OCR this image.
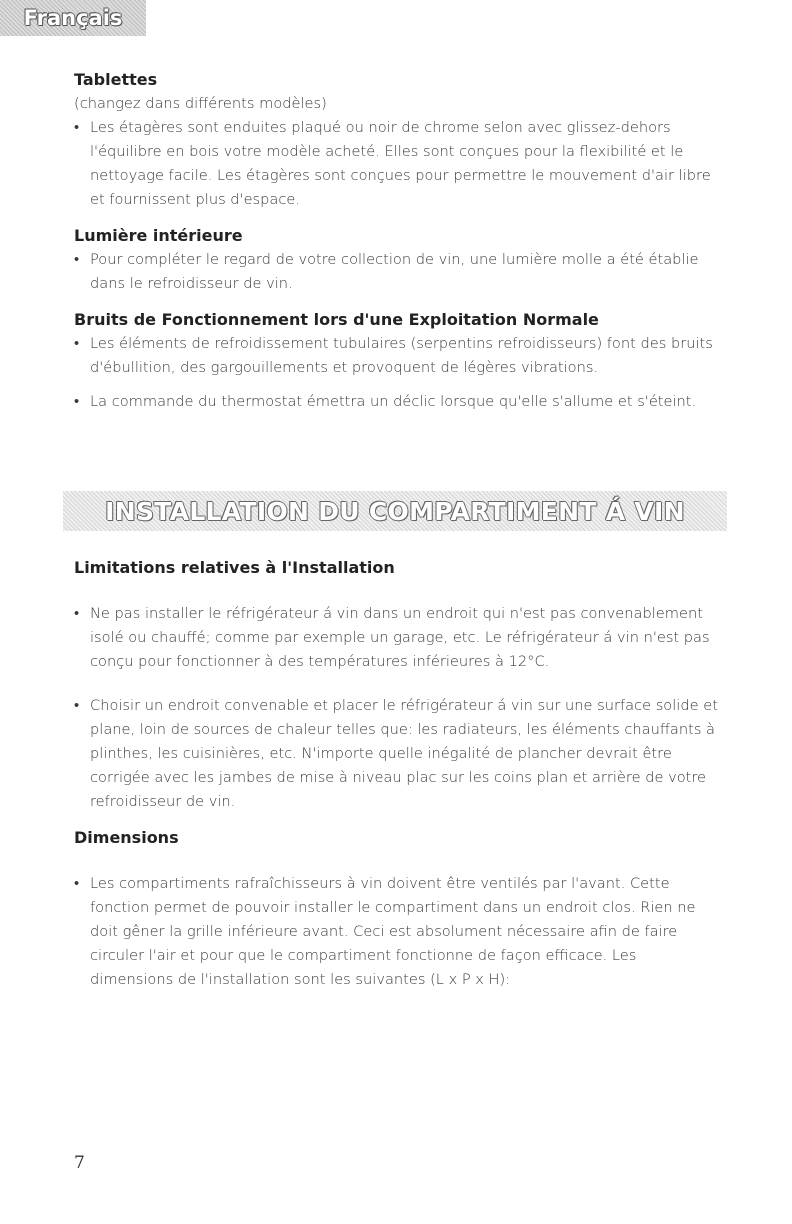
Français
Tablettes

(changez dans différents modèles)

• Les étagères sont enduites plaqué ou noir de chrome selon avec glissez-dehors l'équilibre en bois votre modèle acheté. Elles sont conçues pour la flexibilité et le nettoyage facile. Les étagères sont conçues pour permettre le mouvement d'air libre et fournissent plus d'espace.
Lumière intérieure
• Pour compléter le regard de votre collection de vin, une lumière molle a été établie dans le refroidisseur de vin.
Bruits de Fonctionnement lors d'une Exploitation Normale
• Les éléments de refroidissement tubulaires (serpentins refroidisseurs) font des bruits d'ébullition, des gargouillements et provoquent de légères vibrations.
• La commande du thermostat émettra un déclic lorsque qu'elle s'allume et s'éteint.
INSTALLATION DU COMPARTIMENT Á VIN
Limitations relatives à l'Installation
• Ne pas installer le réfrigérateur á vin dans un endroit qui n'est pas convenablement isolé ou chauffé; comme par exemple un garage, etc. Le réfrigérateur á vin n'est pas conçu pour fonctionner à des températures inférieures à 12°C.
• Choisir un endroit convenable et placer le réfrigérateur á vin sur une surface solide et plane, loin de sources de chaleur telles que: les radiateurs, les éléments chauffants à plinthes, les cuisinières, etc. N'importe quelle inégalité de plancher devrait être corrigée avec les jambes de mise à niveau plac sur les coins plan et arrière de votre refroidisseur de vin.
Dimensions
• Les compartiments rafraîchisseurs à vin doivent être ventilés par l'avant. Cette fonction permet de pouvoir installer le compartiment dans un endroit clos. Rien ne doit gêner la grille inférieure avant. Ceci est absolument nécessaire afin de faire circuler l'air et pour que le compartiment fonctionne de façon efficace. Les dimensions de l'installation sont les suivantes (L x P x H):
7
